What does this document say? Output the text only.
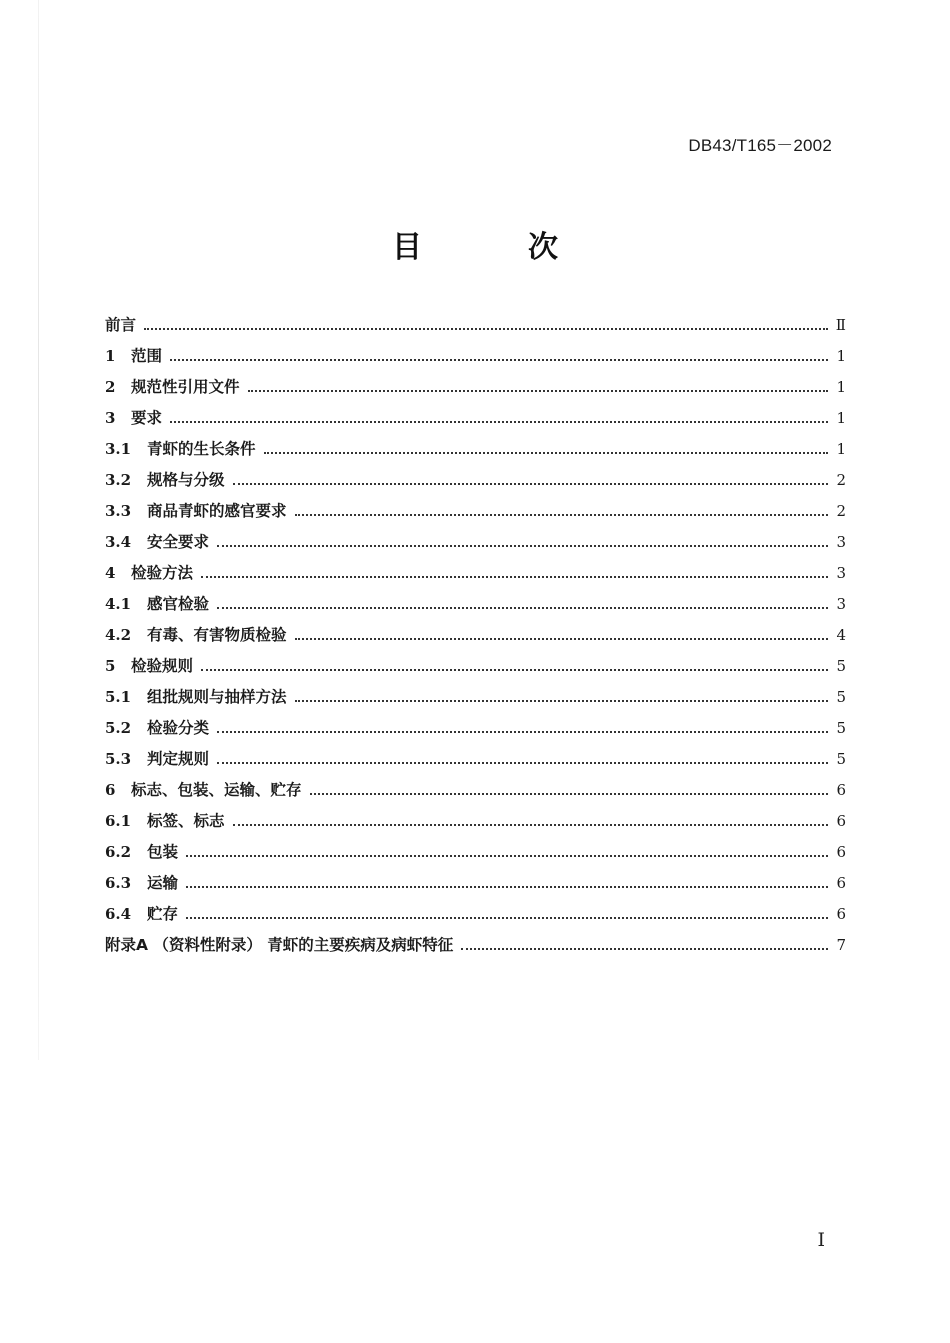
DB43/T165－2002
目	次
前言	Ⅱ
1	范围	1
2	规范性引用文件	1
3	要求	1
3.1	青虾的生长条件	1
3.2	规格与分级	2
3.3	商品青虾的感官要求	2
3.4	安全要求	3
4	检验方法	3
4.1	感官检验	3
4.2	有毒、有害物质检验	4
5	检验规则	5
5.1	组批规则与抽样方法	5
5.2	检验分类	5
5.3	判定规则	5
6	标志、包装、运输、贮存	6
6.1	标签、标志	6
6.2	包装	6
6.3	运输	6
6.4	贮存	6
附录A （资料性附录） 青虾的主要疾病及病虾特征	7
I
